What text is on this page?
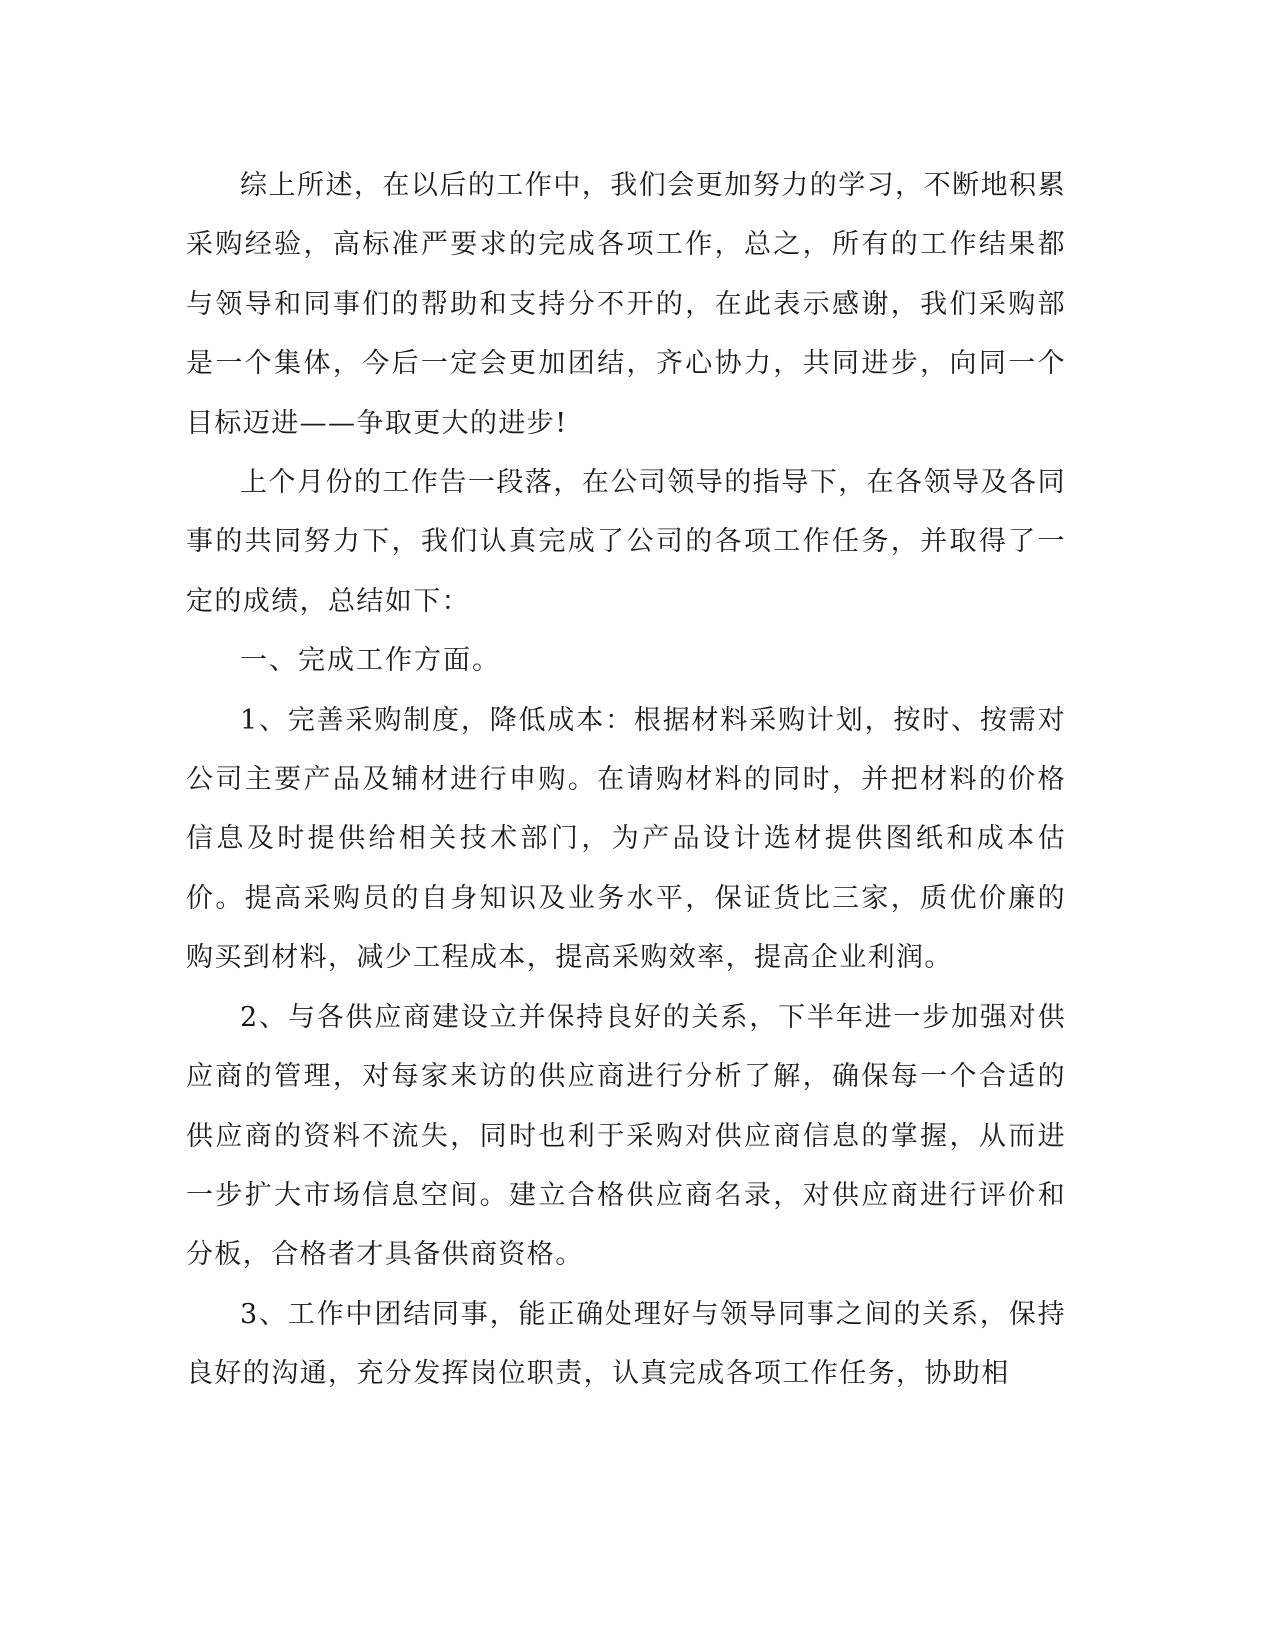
综上所述，在以后的工作中，我们会更加努力的学习，不断地积累采购经验，高标准严要求的完成各项工作，总之，所有的工作结果都与领导和同事们的帮助和支持分不开的，在此表示感谢，我们采购部是一个集体，今后一定会更加团结，齐心协力，共同进步，向同一个目标迈进——争取更大的进步!

上个月份的工作告一段落，在公司领导的指导下，在各领导及各同事的共同努力下，我们认真完成了公司的各项工作任务，并取得了一定的成绩，总结如下：

一、完成工作方面。

1、完善采购制度，降低成本：根据材料采购计划，按时、按需对公司主要产品及辅材进行申购。在请购材料的同时，并把材料的价格信息及时提供给相关技术部门，为产品设计选材提供图纸和成本估价。提高采购员的自身知识及业务水平，保证货比三家，质优价廉的购买到材料，减少工程成本，提高采购效率，提高企业利润。

2、与各供应商建设立并保持良好的关系，下半年进一步加强对供应商的管理，对每家来访的供应商进行分析了解，确保每一个合适的供应商的资料不流失，同时也利于采购对供应商信息的掌握，从而进一步扩大市场信息空间。建立合格供应商名录，对供应商进行评价和分板，合格者才具备供商资格。

3、工作中团结同事，能正确处理好与领导同事之间的关系，保持良好的沟通，充分发挥岗位职责，认真完成各项工作任务，协助相
